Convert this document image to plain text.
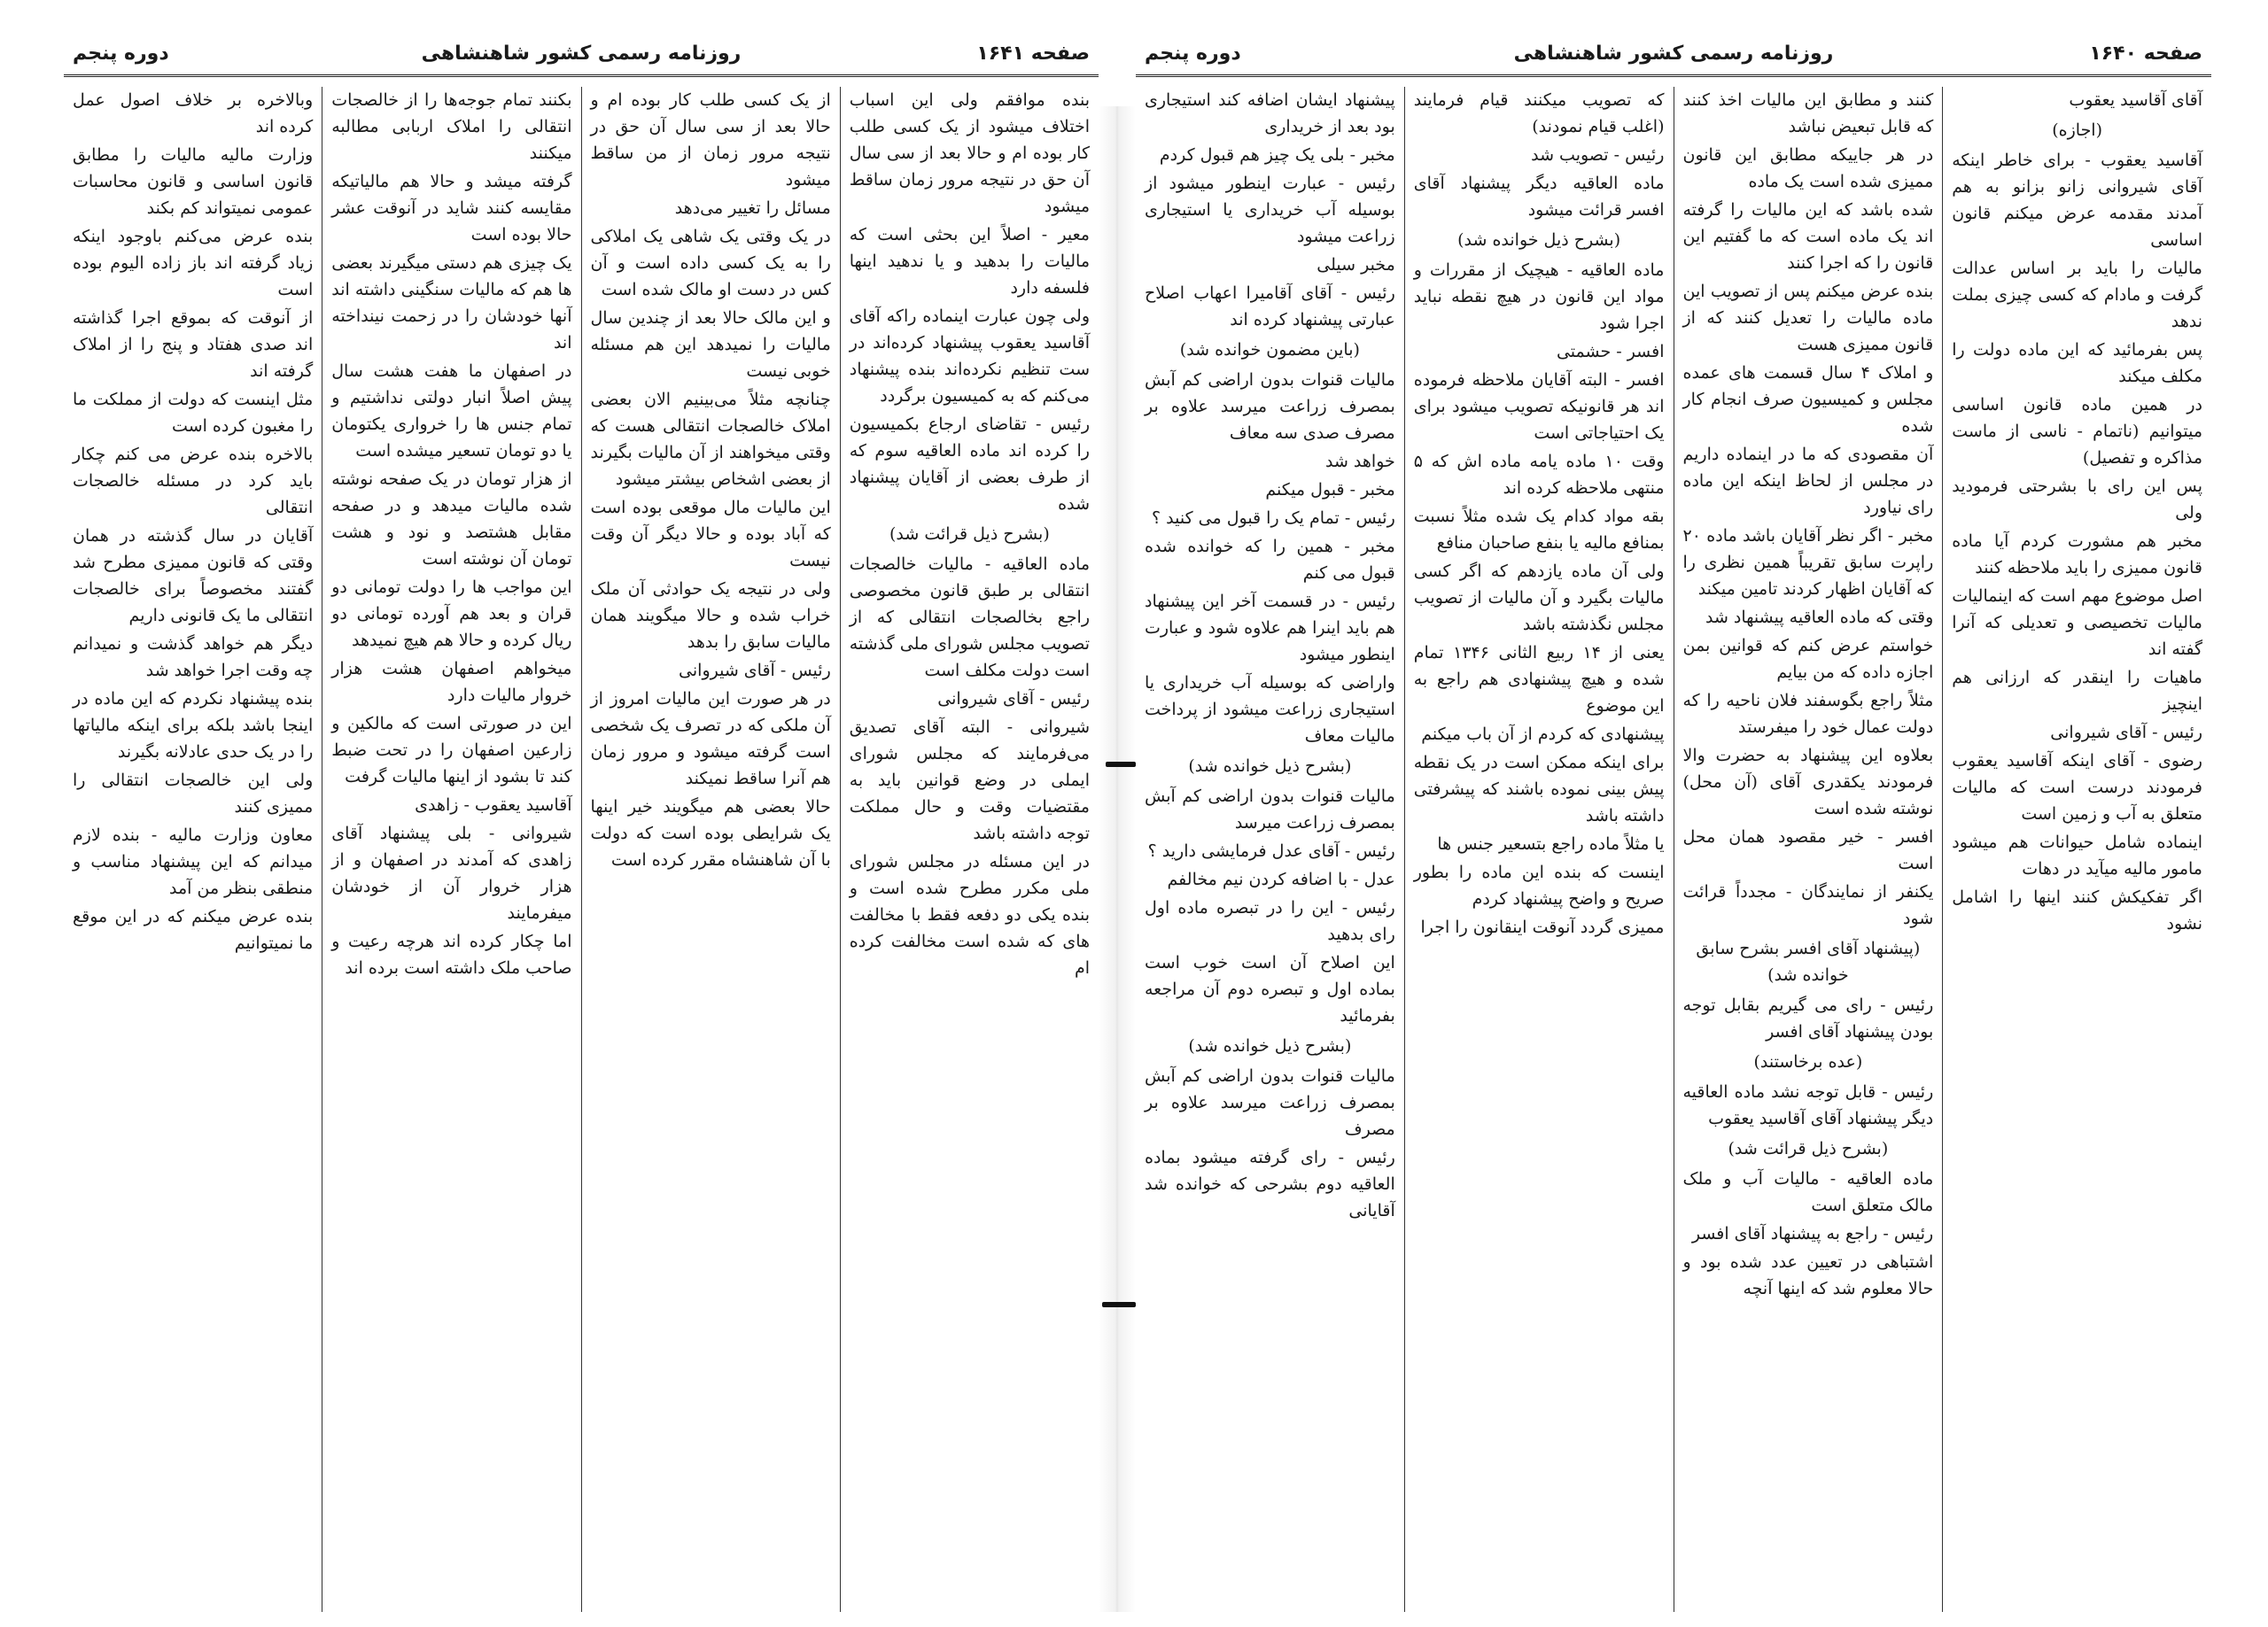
صفحه ۱۶۴۱
روزنامه رسمی کشور شاهنشاهی
دوره پنجم

بنده موافقم ولی این اسباب اختلاف میشود از یک کسی طلب کار بوده ام و حالا بعد از سی سال آن حق در نتیجه مرور زمان ساقط میشود

معیر - اصلاً این بحثی است که مالیات را بدهید و یا ندهید اینها فلسفه دارد

ولی چون عبارت اینماده راکه آقای آقاسید یعقوب پیشنهاد کرده‌اند در ست تنظیم نکرده‌اند بنده پیشنهاد می‌کنم که به کمیسیون برگردد

رئیس - تقاضای ارجاع بکمیسیون را کرده اند ماده العاقیه سوم که از طرف بعضی از آقایان پیشنهاد شده

(بشرح ذیل قرائت شد)

ماده العاقیه - مالیات خالصجات انتقالی بر طبق قانون مخصوصی راجع بخالصجات انتقالی که از تصویب مجلس شورای ملی گذشته است دولت مکلف است

رئیس - آقای شیروانی

شیروانی - البته آقای تصدیق می‌فرمایند که مجلس شورای ایملی در وضع قوانین باید به مقتضیات وقت و حال مملکت توجه داشته باشد

در این مسئله در مجلس شورای ملی مکرر مطرح شده است و بنده یکی دو دفعه فقط با مخالفت های که شده است مخالفت کرده ام

از یک کسی طلب کار بوده ام و حالا بعد از سی سال آن حق در نتیجه مرور زمان از من ساقط میشود

مسائل را تغییر می‌دهد

در یک وقتی یک شاهی یک املاکی را به یک کسی داده است و آن کس در دست او مالک شده است

و این مالک حالا بعد از چندین سال مالیات را نمیدهد این هم مسئله خوبی نیست

چنانچه مثلاً می‌بینیم الان بعضی املاک خالصجات انتقالی هست که وقتی میخواهند از آن مالیات بگیرند از بعضی اشخاص بیشتر میشود

این مالیات مال موقعی بوده است که آباد بوده و حالا دیگر آن وقت نیست

ولی در نتیجه یک حوادثی آن ملک خراب شده و حالا میگویند همان مالیات سابق را بدهد

رئیس - آقای شیروانی

در هر صورت این مالیات امروز از آن ملکی که در تصرف یک شخصی است گرفته میشود و مرور زمان هم آنرا ساقط نمیکند

حالا بعضی هم میگویند خیر اینها یک شرایطی بوده است که دولت با آن شاهنشاه مقرر کرده است

بکنند تمام جوجه‌ها را از خالصجات انتقالی را املاک اربابی مطالبه میکنند

گرفته میشد و حالا هم مالیاتیکه مقایسه کنند شاید در آنوقت عشر حالا بوده است

یک چیزی هم دستی میگیرند بعضی ها هم که مالیات سنگینی داشته اند آنها خودشان را در زحمت نینداخته اند

در اصفهان ما هفت هشت سال پیش اصلاً انبار دولتی نداشتیم و تمام جنس ها را خرواری یکتومان یا دو تومان تسعیر میشده است

از هزار تومان در یک صفحه نوشته شده مالیات میدهد و در صفحه مقابل هشتصد و نود و هشت تومان آن نوشته است

این مواجب ها را دولت تومانی دو قران و بعد هم آورده تومانی دو ریال کرده و حالا هم هیچ نمیدهد

میخواهم اصفهان هشت هزار خروار مالیات دارد

این در صورتی است که مالکین و زارعین اصفهان را در تحت ضبط کند تا بشود از اینها مالیات گرفت

آقاسید یعقوب - زاهدی

شیروانی - بلی پیشنهاد آقای زاهدی که آمدند در اصفهان و از هزار خروار آن از خودشان میفرمایند

اما چکار کرده اند هرچه رعیت و صاحب ملک داشته است برده اند

وبالاخره بر خلاف اصول عمل کرده اند

وزارت مالیه مالیات را مطابق قانون اساسی و قانون محاسبات عمومی نمیتواند کم بکند

بنده عرض می‌کنم باوجود اینکه زیاد گرفته اند باز زاده الیوم بوده است

از آنوقت که بموقع اجرا گذاشته اند صدی هفتاد و پنج را از املاک گرفته اند

مثل اینست که دولت از مملکت ما را مغبون کرده است

بالاخره بنده عرض می کنم چکار باید کرد در مسئله خالصجات انتقالی

آقایان در سال گذشته در همان وقتی که قانون ممیزی مطرح شد گفتند مخصوصاً برای خالصجات انتقالی ما یک قانونی داریم

دیگر هم خواهد گذشت و نمیدانم چه وقت اجرا خواهد شد

بنده پیشنهاد نکردم که این ماده در اینجا باشد بلکه برای اینکه مالیاتها را در یک حدی عادلانه بگیرند

ولی این خالصجات انتقالی را ممیزی کنند

معاون وزارت مالیه - بنده لازم میدانم که این پیشنهاد مناسب و منطقی بنظر من آمد

بنده عرض میکنم که در این موقع ما نمیتوانیم

صفحه ۱۶۴۰
روزنامه رسمی کشور شاهنشاهی
دوره پنجم

آقای آقاسید یعقوب

(اجازه)

آقاسید یعقوب - برای خاطر اینکه آقای شیروانی زانو بزانو به هم آمدند مقدمه عرض میکنم قانون اساسی

مالیات را باید بر اساس عدالت گرفت و مادام که کسی چیزی بملت ندهد

پس بفرمائید که این ماده دولت را مکلف میکند

در همین ماده قانون اساسی میتوانیم (ناتمام - ناسی از ماست مذاکره و تفصیل)

پس این رای با بشرحتی فرمودید ولی

مخبر هم مشورت کردم آیا ماده قانون ممیزی را باید ملاحظه کنند

اصل موضوع مهم است که اینمالیات مالیات تخصیصی و تعدیلی که آنرا گفته اند

ماهیات را اینقدر که ارزانی هم اینچیز

رئیس - آقای شیروانی

رضوی - آقای اینکه آقاسید یعقوب فرمودند درست است که مالیات متعلق به آب و زمین است

اینماده شامل حیوانات هم میشود مامور مالیه میآید در دهات

اگر تفکیکش کنند اینها را اشامل نشود

کنند و مطابق این مالیات اخذ کنند که قابل تبعیض نباشد

در هر جاییکه مطابق این قانون ممیزی شده است یک ماده

شده باشد که این مالیات را گرفته اند یک ماده است که ما گفتیم این قانون را که اجرا کنند

بنده عرض میکنم پس از تصویب این ماده مالیات را تعدیل کنند که از قانون ممیزی هست

و املاک ۴ سال قسمت های عمده مجلس و کمیسیون صرف انجام کار شده

آن مقصودی که ما در اینماده داریم در مجلس از لحاظ اینکه این ماده رای نیاورد

مخبر - اگر نظر آقایان باشد ماده ۲۰ راپرت سابق تقریباً همین نظری را که آقایان اظهار کردند تامین میکند

وقتی که ماده العاقیه پیشنهاد شد

خواستم عرض کنم که قوانین بمن اجازه داده که من بیایم

مثلاً راجع بگوسفند فلان ناحیه را که دولت عمال خود را میفرستد

بعلاوه این پیشنهاد به حضرت والا فرمودند یکقدری آقای (آن محل) نوشته شده است

افسر - خیر مقصود همان محل است

یکنفر از نمایندگان - مجدداً قرائت شود

(پیشنهاد آقای افسر بشرح سابق خوانده شد)

رئیس - رای می گیریم بقابل توجه بودن پیشنهاد آقای افسر

(عده برخاستند)

رئیس - قابل توجه نشد ماده العاقیه دیگر پیشنهاد آقای آقاسید یعقوب

(بشرح ذیل قرائت شد)

ماده العاقیه - مالیات آب و ملک مالک متعلق است

رئیس - راجع به پیشنهاد آقای افسر

اشتباهی در تعیین عدد شده بود و حالا معلوم شد که اینها آنچه

که تصویب میکنند قیام فرمایند (اغلب قیام نمودند)

رئیس - تصویب شد

ماده العاقیه دیگر پیشنهاد آقای افسر قرائت میشود

(بشرح ذیل خوانده شد)

ماده العاقیه - هیچیک از مقررات و مواد این قانون در هیچ نقطه نباید اجرا شود

افسر - حشمتی

افسر - البته آقایان ملاحظه فرموده اند هر قانونیکه تصویب میشود برای یک احتیاجاتی است

وقت ۱۰ ماده یامه ماده اش که ۵ منتهی ملاحظه کرده اند

بقه مواد کدام یک شده مثلاً نسبت بمنافع مالیه یا بنفع صاحبان منافع

ولی آن ماده یازدهم که اگر کسی مالیات بگیرد و آن مالیات از تصویب مجلس نگذشته باشد

یعنی از ۱۴ ربیع الثانی ۱۳۴۶ تمام شده و هیچ پیشنهادی هم راجع به این موضوع

پیشنهادی که کردم از آن باب میکنم

برای اینکه ممکن است در یک نقطه پیش بینی نموده باشند که پیشرفتی داشته باشد

یا مثلاً ماده راجع بتسعیر جنس ها

اینست که بنده این ماده را بطور صریح و واضح پیشنهاد کردم

ممیزی گردد آنوقت اینقانون را اجرا

پیشنهاد ایشان اضافه کند استیجاری بود بعد از خریداری

مخبر - بلی یک چیز هم قبول کردم

رئیس - عبارت اینطور میشود از بوسیله آب خریداری یا استیجاری زراعت میشود

مخبر سیلی

رئیس - آقای آقامیرا اعهاب اصلاح عبارتی پیشنهاد کرده اند

(باین مضمون خوانده شد)

مالیات قنوات بدون اراضی کم آبش بمصرف زراعت میرسد علاوه بر مصرف صدی سه معاف

خواهد شد

مخبر - قبول میکنم

رئیس - تمام یک را قبول می کنید ؟

مخبر - همین را که خوانده شده قبول می کنم

رئیس - در قسمت آخر این پیشنهاد هم باید اینرا هم علاوه شود و عبارت اینطور میشود

واراضی که بوسیله آب خریداری یا استیجاری زراعت میشود از پرداخت مالیات معاف

(بشرح ذیل خوانده شد)

مالیات قنوات بدون اراضی کم آبش بمصرف زراعت میرسد

رئیس - آقای عدل فرمایشی دارید ؟

عدل - با اضافه کردن نیم مخالفم

رئیس - این را در تبصره ماده اول رای بدهید

این اصلاح آن است خوب است بماده اول و تبصره دوم آن مراجعه بفرمائید

(بشرح ذیل خوانده شد)

مالیات قنوات بدون اراضی کم آبش بمصرف زراعت میرسد علاوه بر مصرف

رئیس - رای گرفته میشود بماده العاقیه دوم بشرحی که خوانده شد آقایانی
